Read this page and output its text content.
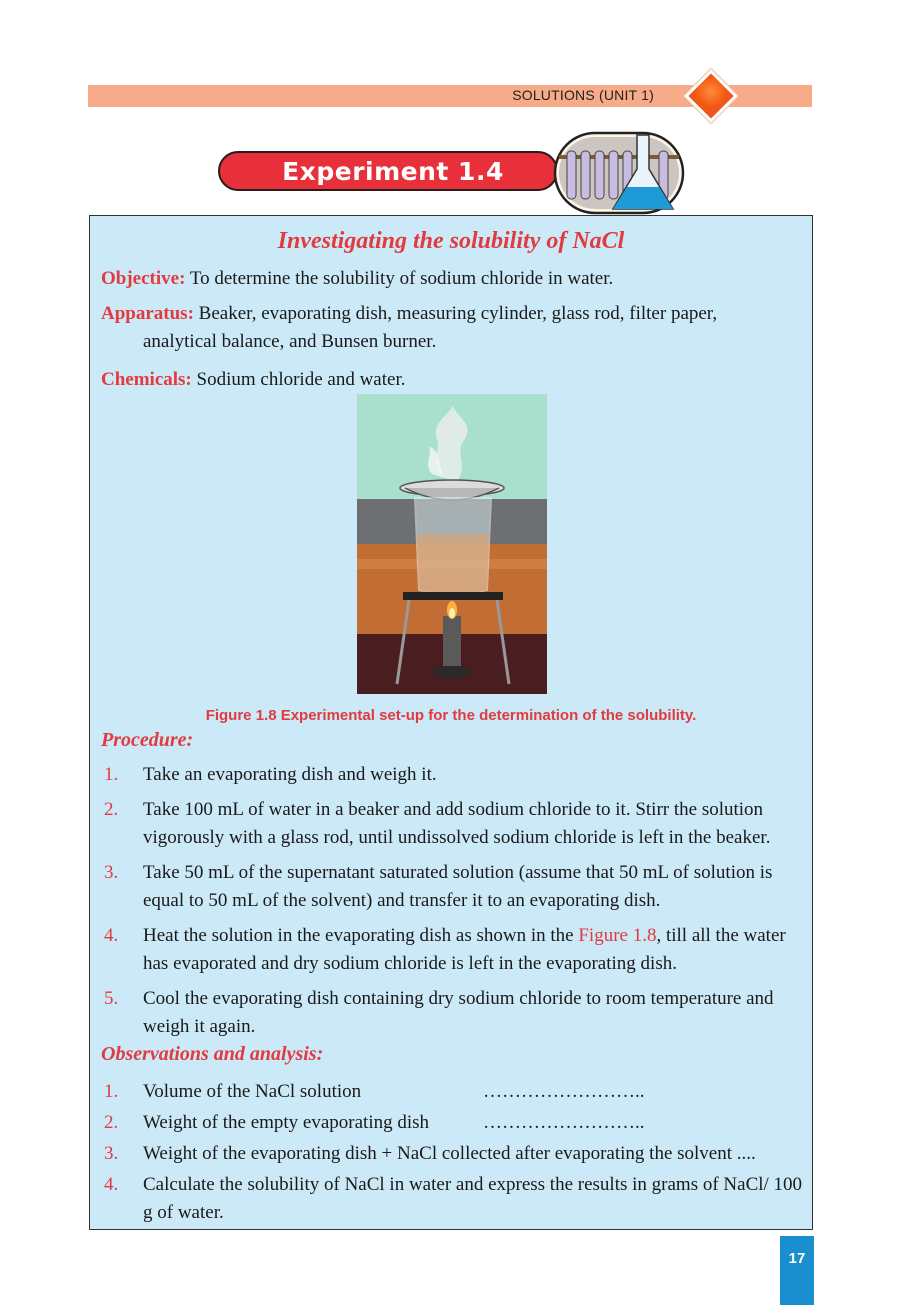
SOLUTIONS (UNIT 1)
Experiment 1.4
Investigating the solubility of NaCl
Objective: To determine the solubility of sodium chloride in water.
Apparatus: Beaker, evaporating dish, measuring cylinder, glass rod, filter paper,
analytical balance, and Bunsen burner.
Chemicals: Sodium chloride and water.
Figure 1.8 Experimental set-up for the determination of the solubility.
Procedure:
1.	Take an evaporating dish and weigh it.
2.	Take 100 mL of water in a beaker and add sodium chloride to it. Stirr the solution vigorously with a glass rod, until undissolved sodium chloride is left in the beaker.
3.	Take 50 mL of the supernatant saturated solution (assume that 50 mL of solution is equal to 50 mL of the solvent) and transfer it to an evaporating dish.
4.	Heat the solution in the evaporating dish as shown in the Figure 1.8, till all the water has evaporated and dry sodium chloride is left in the evaporating dish.
5.	Cool the evaporating dish containing dry sodium chloride to room temperature and weigh it again.
Observations and analysis:
1.	Volume of the NaCl solution	……………………..
2.	Weight of the empty evaporating dish	……………………..
3.	Weight of the evaporating dish + NaCl collected after evaporating the solvent ....
4.	Calculate the solubility of NaCl in water and express the results in grams of NaCl/ 100 g of water.
17
